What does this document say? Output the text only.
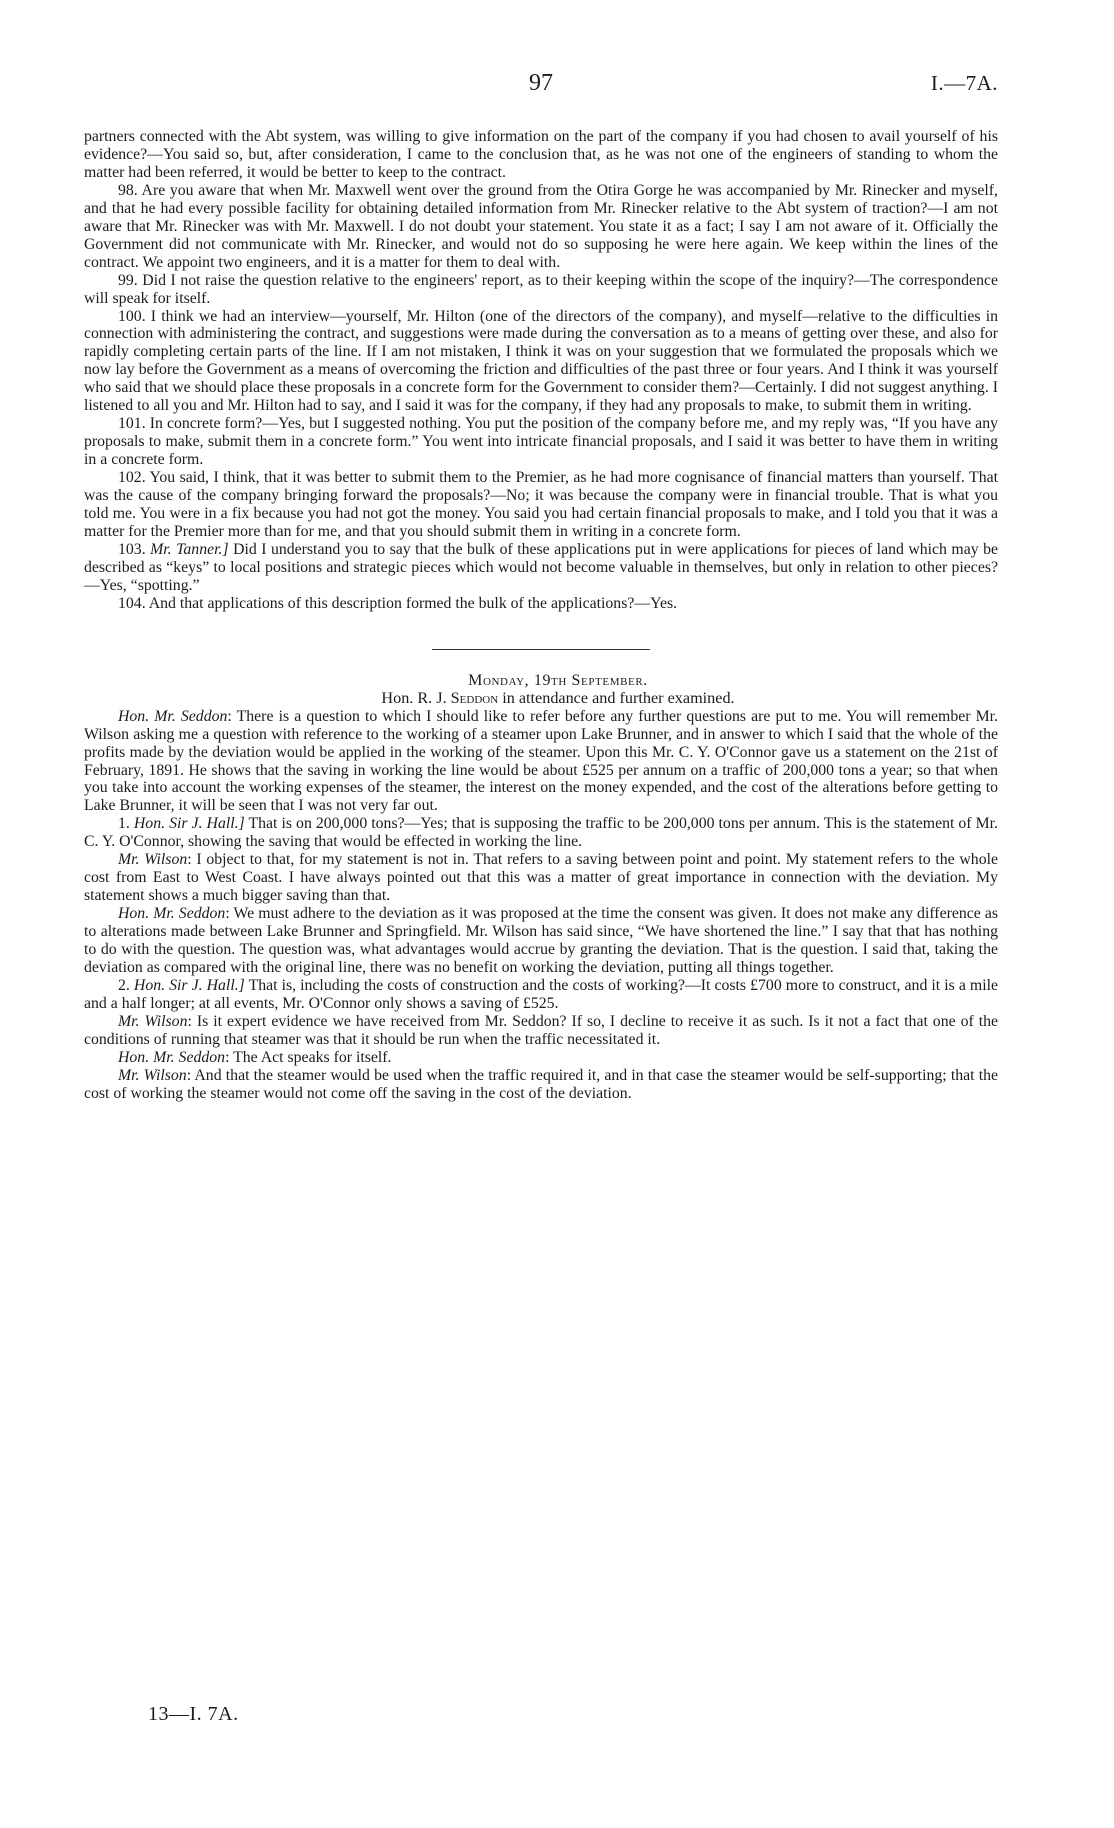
97	I.—7A.

partners connected with the Abt system, was willing to give information on the part of the company if you had chosen to avail yourself of his evidence?—You said so, but, after consideration, I came to the conclusion that, as he was not one of the engineers of standing to whom the matter had been referred, it would be better to keep to the contract.

98. Are you aware that when Mr. Maxwell went over the ground from the Otira Gorge he was accompanied by Mr. Rinecker and myself, and that he had every possible facility for obtaining detailed information from Mr. Rinecker relative to the Abt system of traction?—I am not aware that Mr. Rinecker was with Mr. Maxwell. I do not doubt your statement. You state it as a fact; I say I am not aware of it. Officially the Government did not communicate with Mr. Rinecker, and would not do so supposing he were here again. We keep within the lines of the contract. We appoint two engineers, and it is a matter for them to deal with.

99. Did I not raise the question relative to the engineers' report, as to their keeping within the scope of the inquiry?—The correspondence will speak for itself.

100. I think we had an interview—yourself, Mr. Hilton (one of the directors of the company), and myself—relative to the difficulties in connection with administering the contract, and suggestions were made during the conversation as to a means of getting over these, and also for rapidly completing certain parts of the line. If I am not mistaken, I think it was on your suggestion that we formulated the proposals which we now lay before the Government as a means of overcoming the friction and difficulties of the past three or four years. And I think it was yourself who said that we should place these proposals in a concrete form for the Government to consider them?—Certainly. I did not suggest anything. I listened to all you and Mr. Hilton had to say, and I said it was for the company, if they had any proposals to make, to submit them in writing.

101. In concrete form?—Yes, but I suggested nothing. You put the position of the company before me, and my reply was, “If you have any proposals to make, submit them in a concrete form.” You went into intricate financial proposals, and I said it was better to have them in writing in a concrete form.

102. You said, I think, that it was better to submit them to the Premier, as he had more cognisance of financial matters than yourself. That was the cause of the company bringing forward the proposals?—No; it was because the company were in financial trouble. That is what you told me. You were in a fix because you had not got the money. You said you had certain financial proposals to make, and I told you that it was a matter for the Premier more than for me, and that you should submit them in writing in a concrete form.

103. Mr. Tanner.] Did I understand you to say that the bulk of these applications put in were applications for pieces of land which may be described as “keys” to local positions and strategic pieces which would not become valuable in themselves, but only in relation to other pieces?—Yes, “spotting.”

104. And that applications of this description formed the bulk of the applications?—Yes.

Monday, 19th September.

Hon. R. J. Seddon in attendance and further examined.

Hon. Mr. Seddon: There is a question to which I should like to refer before any further questions are put to me. You will remember Mr. Wilson asking me a question with reference to the working of a steamer upon Lake Brunner, and in answer to which I said that the whole of the profits made by the deviation would be applied in the working of the steamer. Upon this Mr. C. Y. O'Connor gave us a statement on the 21st of February, 1891. He shows that the saving in working the line would be about £525 per annum on a traffic of 200,000 tons a year; so that when you take into account the working expenses of the steamer, the interest on the money expended, and the cost of the alterations before getting to Lake Brunner, it will be seen that I was not very far out.

1. Hon. Sir J. Hall.] That is on 200,000 tons?—Yes; that is supposing the traffic to be 200,000 tons per annum. This is the statement of Mr. C. Y. O'Connor, showing the saving that would be effected in working the line.

Mr. Wilson: I object to that, for my statement is not in. That refers to a saving between point and point. My statement refers to the whole cost from East to West Coast. I have always pointed out that this was a matter of great importance in connection with the deviation. My statement shows a much bigger saving than that.

Hon. Mr. Seddon: We must adhere to the deviation as it was proposed at the time the consent was given. It does not make any difference as to alterations made between Lake Brunner and Springfield. Mr. Wilson has said since, “We have shortened the line.” I say that that has nothing to do with the question. The question was, what advantages would accrue by granting the deviation. That is the question. I said that, taking the deviation as compared with the original line, there was no benefit on working the deviation, putting all things together.

2. Hon. Sir J. Hall.] That is, including the costs of construction and the costs of working?—It costs £700 more to construct, and it is a mile and a half longer; at all events, Mr. O'Connor only shows a saving of £525.

Mr. Wilson: Is it expert evidence we have received from Mr. Seddon? If so, I decline to receive it as such. Is it not a fact that one of the conditions of running that steamer was that it should be run when the traffic necessitated it.

Hon. Mr. Seddon: The Act speaks for itself.

Mr. Wilson: And that the steamer would be used when the traffic required it, and in that case the steamer would be self-supporting; that the cost of working the steamer would not come off the saving in the cost of the deviation.

13—I. 7A.
